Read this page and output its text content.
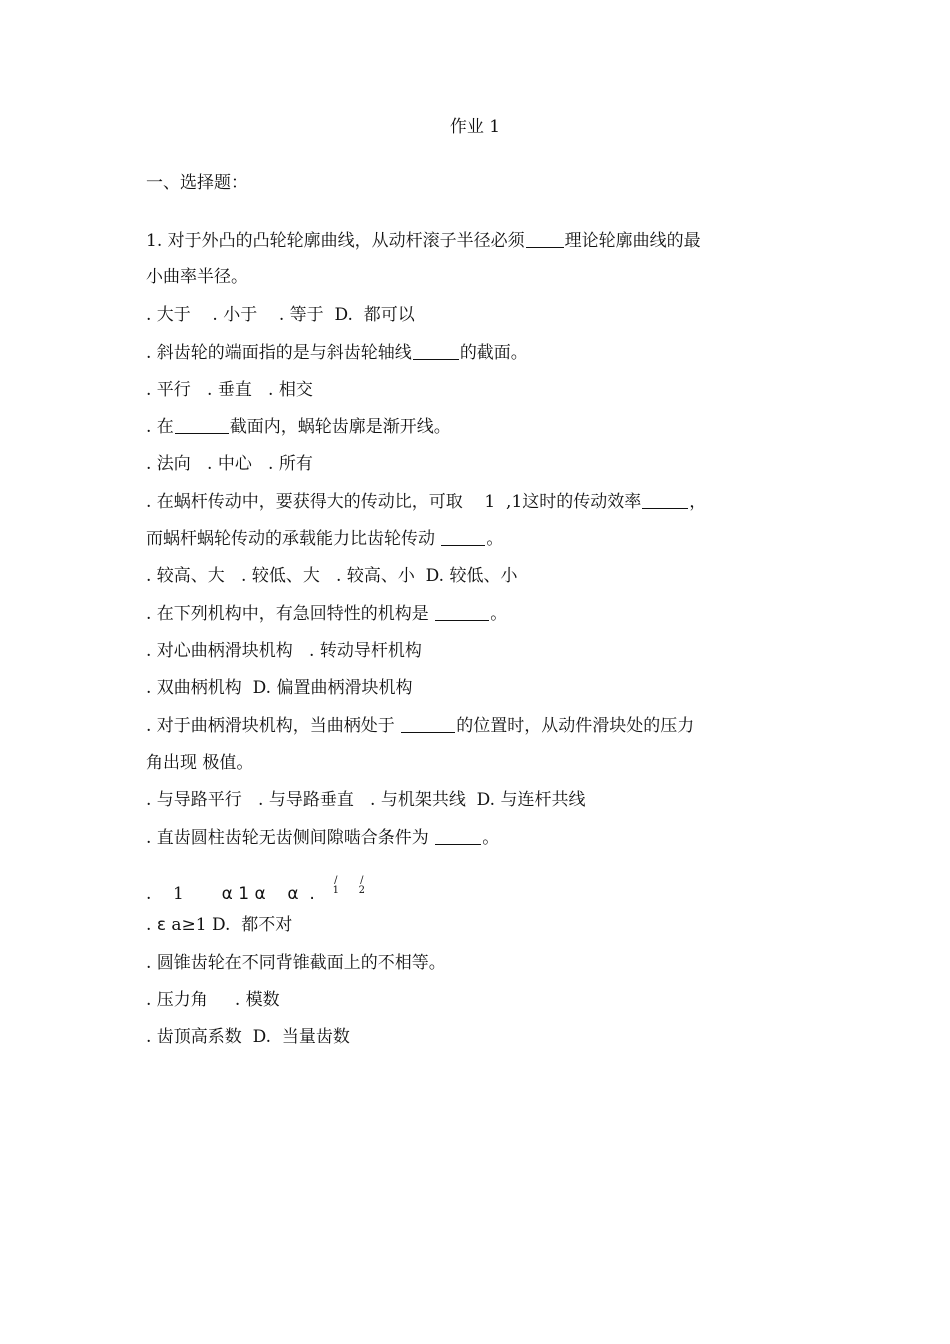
作业 1
一、选择题：
1. 对于外凸的凸轮轮廓曲线，从动杆滚子半径必须 理论轮廓曲线的最
小曲率半径。
. 大于    . 小于    . 等于  D.  都可以
. 斜齿轮的端面指的是与斜齿轮轴线	的截面。
. 平行   . 垂直   . 相交
. 在	截面内，蜗轮齿廓是渐开线。
. 法向   . 中心   . 所有
. 在蜗杆传动中，要获得大的传动比，可取    1  ,1这时的传动效率	，
而蜗杆蜗轮传动的承载能力比齿轮传动	。
. 较高、大   . 较低、大   . 较高、小  D. 较低、小
. 在下列机构中，有急回特性的机构是	。
. 对心曲柄滑块机构   . 转动导杆机构
. 双曲柄机构  D. 偏置曲柄滑块机构
. 对于曲柄滑块机构，当曲柄处于	的位置时，从动件滑块处的压力
角出现 极值。
. 与导路平行   . 与导路垂直   . 与机架共线  D. 与连杆共线
. 直齿圆柱齿轮无齿侧间隙啮合条件为	。
.    1       α 1 α    α  .
/
1
/
2
. ε a≥1 D.  都不对
. 圆锥齿轮在不同背锥截面上的不相等。
. 压力角     . 模数
. 齿顶高系数  D.  当量齿数
